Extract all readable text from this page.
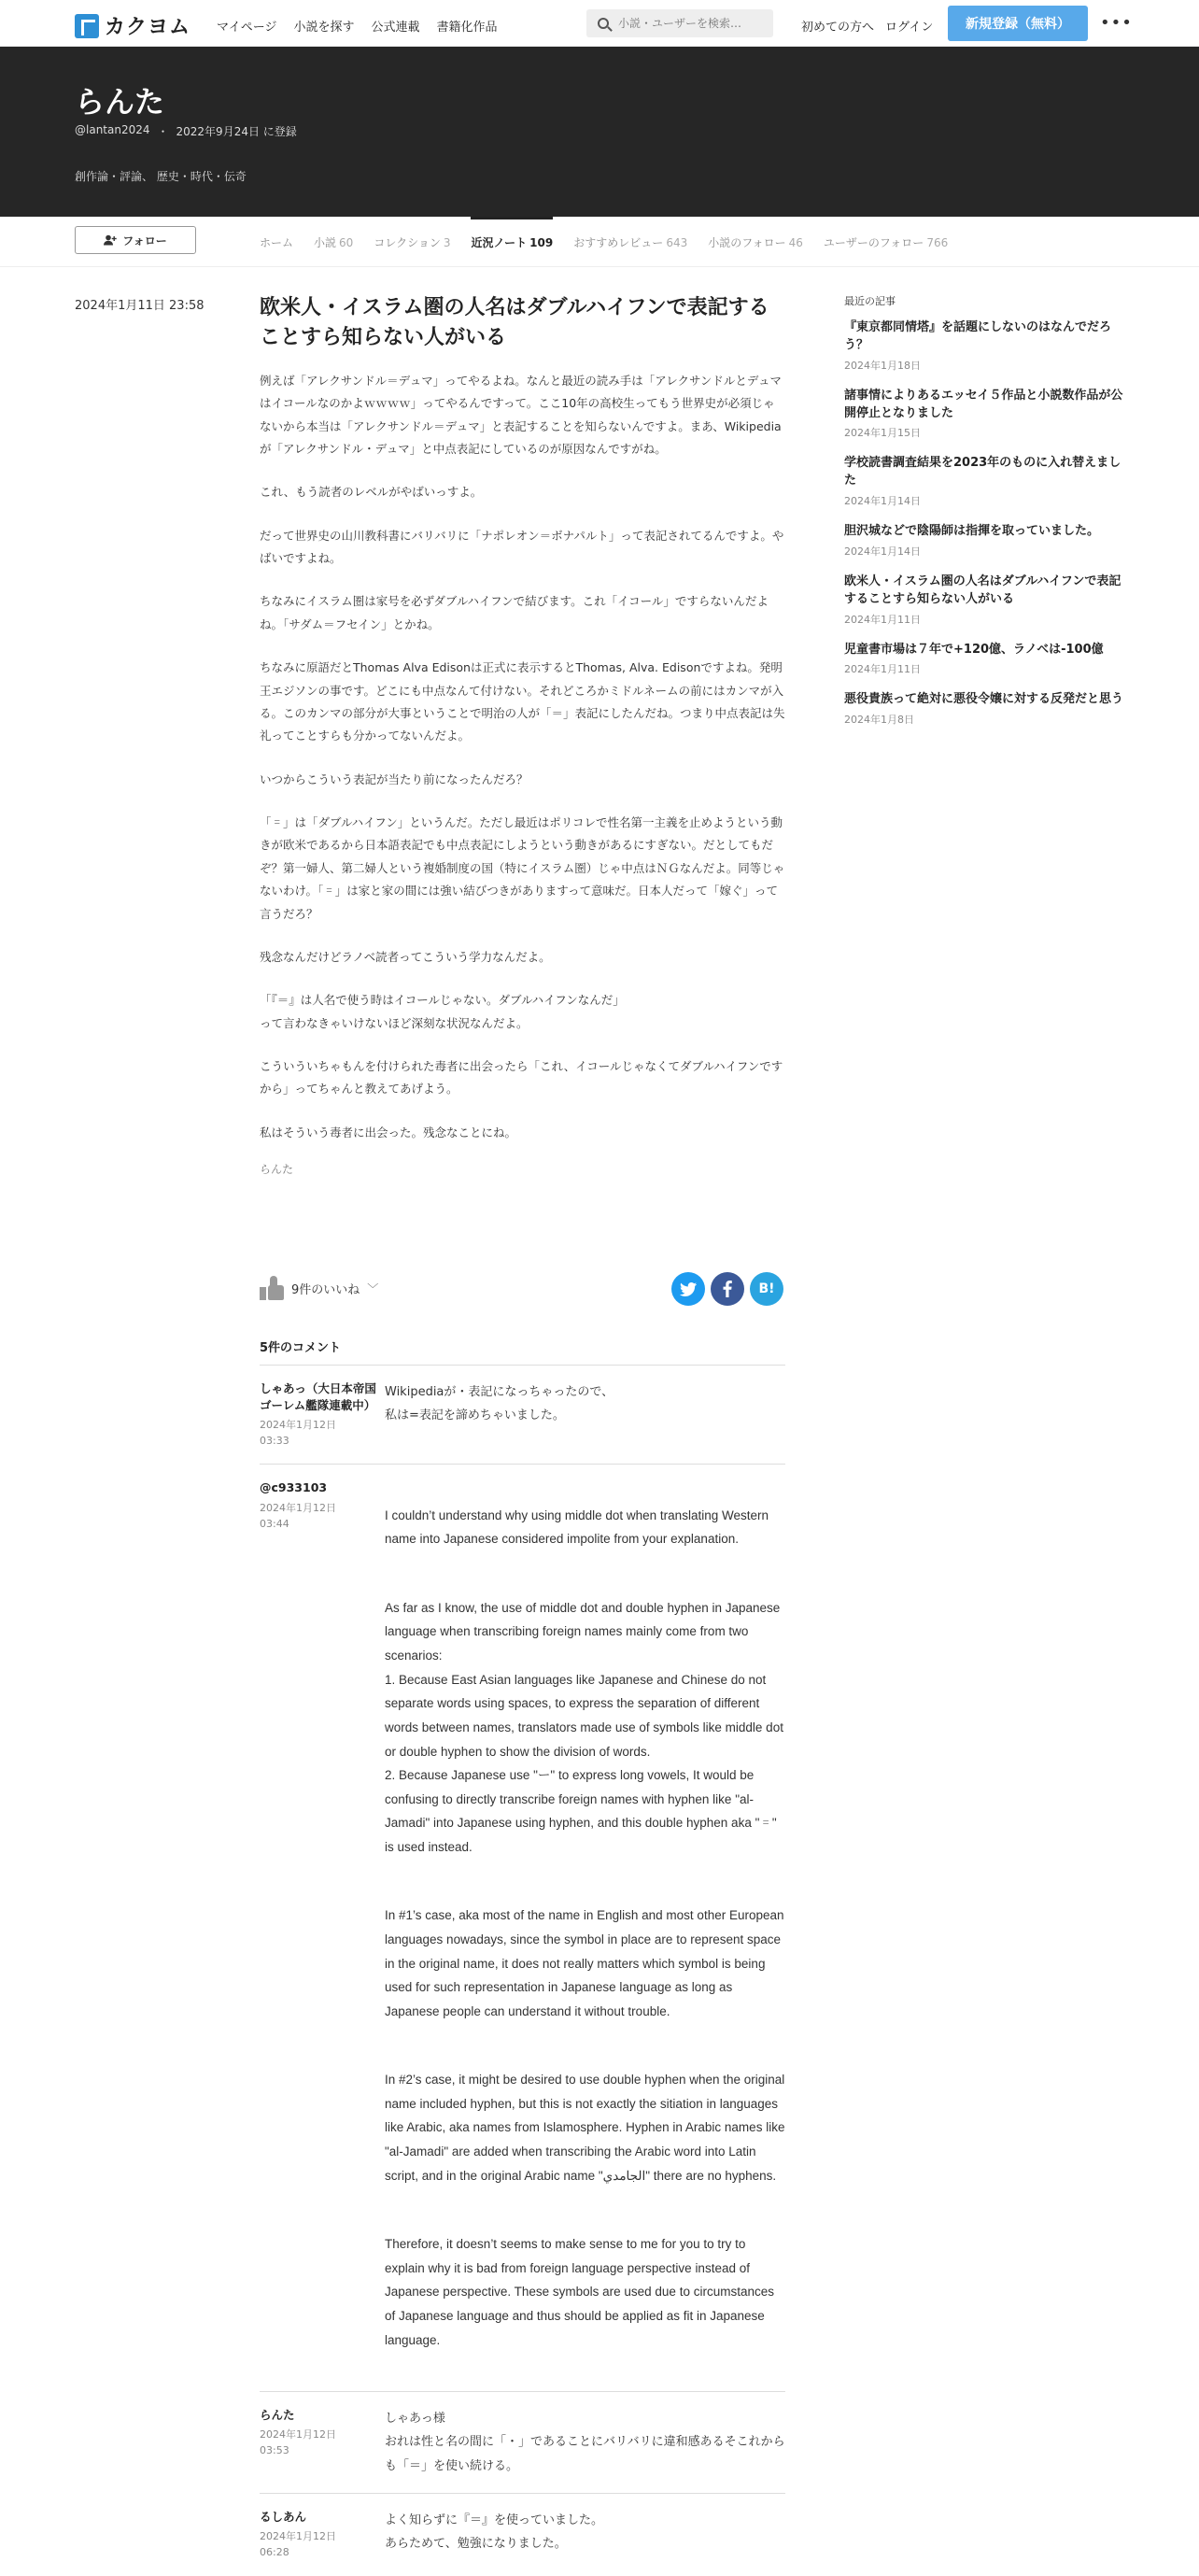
カクヨム マイページ 小説を探す 公式連載 書籍化作品
小説・ユーザーを検索…	初めての方へ ログイン	新規登録（無料）	•••
らんた
@lantan2024 ・ 2022年9月24日 に登録
創作論・評論、 歴史・時代・伝奇
フォロー	ホーム 小説 60 コレクション 3 近況ノート 109 おすすめレビュー 643 小説のフォロー 46 ユーザーのフォロー 766
2024年1月11日 23:58	欧米人・イスラム圏の人名はダブルハイフンで表記することすら知らない人がいる

例えば「アレクサンドル＝デュマ」ってやるよね。なんと最近の読み手は「アレクサンドルとデュマはイコールなのかよｗｗｗｗ」ってやるんですって。ここ10年の高校生ってもう世界史が必須じゃないから本当は「アレクサンドル＝デュマ」と表記することを知らないんですよ。まあ、Wikipediaが「アレクサンドル・デュマ」と中点表記にしているのが原因なんですがね。

これ、もう読者のレベルがやばいっすよ。

だって世界史の山川教科書にバリバリに「ナポレオン＝ボナパルト」って表記されてるんですよ。やばいですよね。

ちなみにイスラム圏は家号を必ずダブルハイフンで結びます。これ「イコール」ですらないんだよね。「サダム＝フセイン」とかね。

ちなみに原語だとThomas Alva Edisonは正式に表示するとThomas, Alva. Edisonですよね。発明王エジソンの事です。どこにも中点なんて付けない。それどころかミドルネームの前にはカンマが入る。このカンマの部分が大事ということで明治の人が「＝」表記にしたんだね。つまり中点表記は失礼ってことすらも分かってないんだよ。

いつからこういう表記が当たり前になったんだろ？

「゠」は「ダブルハイフン」というんだ。ただし最近はポリコレで性名第一主義を止めようという動きが欧米であるから日本語表記でも中点表記にしようという動きがあるにすぎない。だとしてもだぞ？第一婦人、第二婦人という複婚制度の国（特にイスラム圏）じゃ中点はＮＧなんだよ。同等じゃないわけ。「゠」は家と家の間には強い結びつきがありますって意味だ。日本人だって「嫁ぐ」って言うだろ？

残念なんだけどラノベ読者ってこういう学力なんだよ。

「『＝』は人名で使う時はイコールじゃない。ダブルハイフンなんだ」
って言わなきゃいけないほど深刻な状況なんだよ。

こういういちゃもんを付けられた毒者に出会ったら「これ、イコールじゃなくてダブルハイフンですから」ってちゃんと教えてあげよう。

私はそういう毒者に出会った。残念なことにね。

らんた
9件のいいね ﹀	B!
5件のコメント
しゃあっ（大日本帝国ゴーレム艦隊連載中）
2024年1月12日
03:33
Wikipediaが・表記になっちゃったので、
私は=表記を諦めちゃいました。
@c933103
2024年1月12日
03:44

I couldn’t understand why using middle dot when translating Western name into Japanese considered impolite from your explanation.

As far as I know, the use of middle dot and double hyphen in Japanese language when transcribing foreign names mainly come from two scenarios:
1. Because East Asian languages like Japanese and Chinese do not separate words using spaces, to express the separation of different words between names, translators made use of symbols like middle dot or double hyphen to show the division of words.
2. Because Japanese use "ー" to express long vowels, It would be confusing to directly transcribe foreign names with hyphen like "al-Jamadi" into Japanese using hyphen, and this double hyphen aka "゠" is used instead.

In #1’s case, aka most of the name in English and most other European languages nowadays, since the symbol in place are to represent space in the original name, it does not really matters which symbol is being used for such representation in Japanese language as long as Japanese people can understand it without trouble.

In #2’s case, it might be desired to use double hyphen when the original name included hyphen, but this is not exactly the sitiation in languages like Arabic, aka names from Islamosphere. Hyphen in Arabic names like "al-Jamadi" are added when transcribing the Arabic word into Latin script, and in the original Arabic name "الجامدي" there are no hyphens.

Therefore, it doesn’t seems to make sense to me for you to try to explain why it is bad from foreign language perspective instead of Japanese perspective. These symbols are used due to circumstances of Japanese language and thus should be applied as fit in Japanese language.

らんた
2024年1月12日
03:53
しゃあっ様
おれは性と名の間に「・」であることにバリバリに違和感あるそこれからも「＝」を使い続ける。
るしあん
2024年1月12日
06:28
よく知らずに『＝』を使っていました。
あらためて、勉強になりました。
最近の記事
『東京都同情塔』を話題にしないのはなんでだろう？
2024年1月18日
諸事情によりあるエッセイ５作品と小説数作品が公開停止となりました
2024年1月15日
学校読書調査結果を2023年のものに入れ替えました
2024年1月14日
胆沢城などで陰陽師は指揮を取っていました。
2024年1月14日
欧米人・イスラム圏の人名はダブルハイフンで表記することすら知らない人がいる
2024年1月11日
児童書市場は７年で+120億、ラノベは-100億
2024年1月11日
悪役貴族って絶対に悪役令嬢に対する反発だと思う
2024年1月8日
